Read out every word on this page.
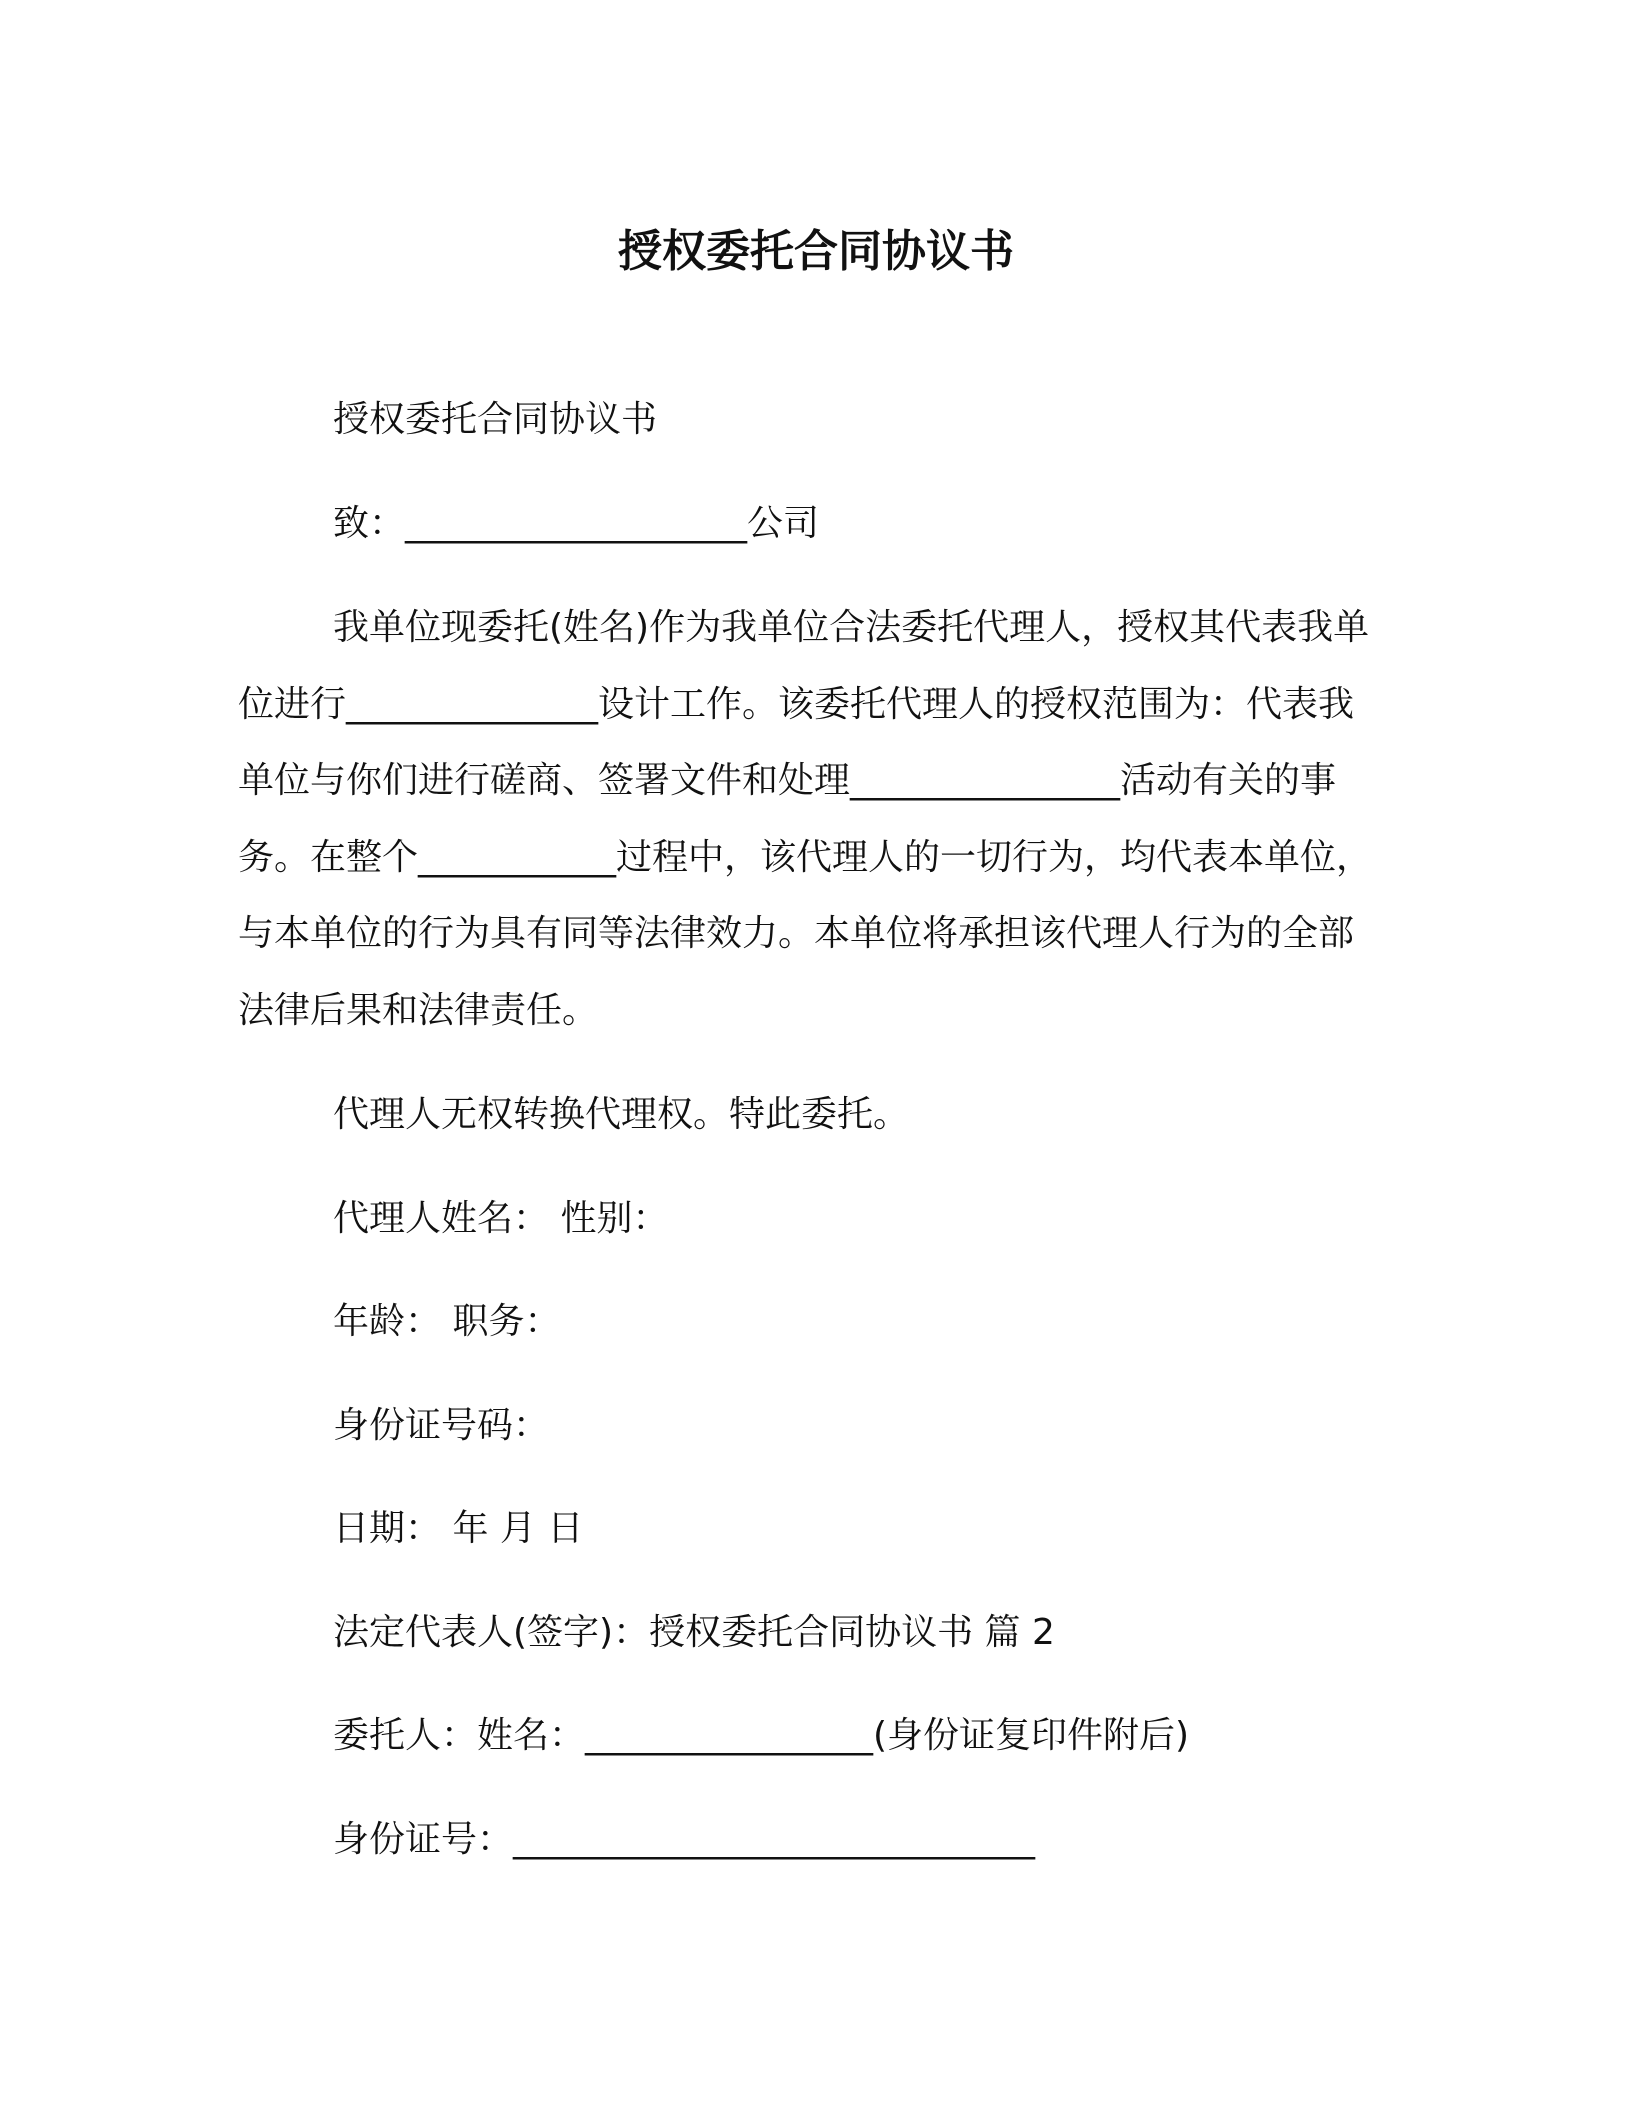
授权委托合同协议书

授权委托合同协议书

致：___________________公司

我单位现委托(姓名)作为我单位合法委托代理人，授权其代表我单位进行______________设计工作。该委托代理人的授权范围为：代表我单位与你们进行磋商、签署文件和处理_______________活动有关的事务。在整个___________过程中，该代理人的一切行为，均代表本单位，与本单位的行为具有同等法律效力。本单位将承担该代理人行为的全部法律后果和法律责任。

代理人无权转换代理权。特此委托。

代理人姓名： 性别：

年龄： 职务：

身份证号码：

日期： 年 月 日

法定代表人(签字)：授权委托合同协议书 篇 2

委托人：姓名：________________(身份证复印件附后)

身份证号：_____________________________
